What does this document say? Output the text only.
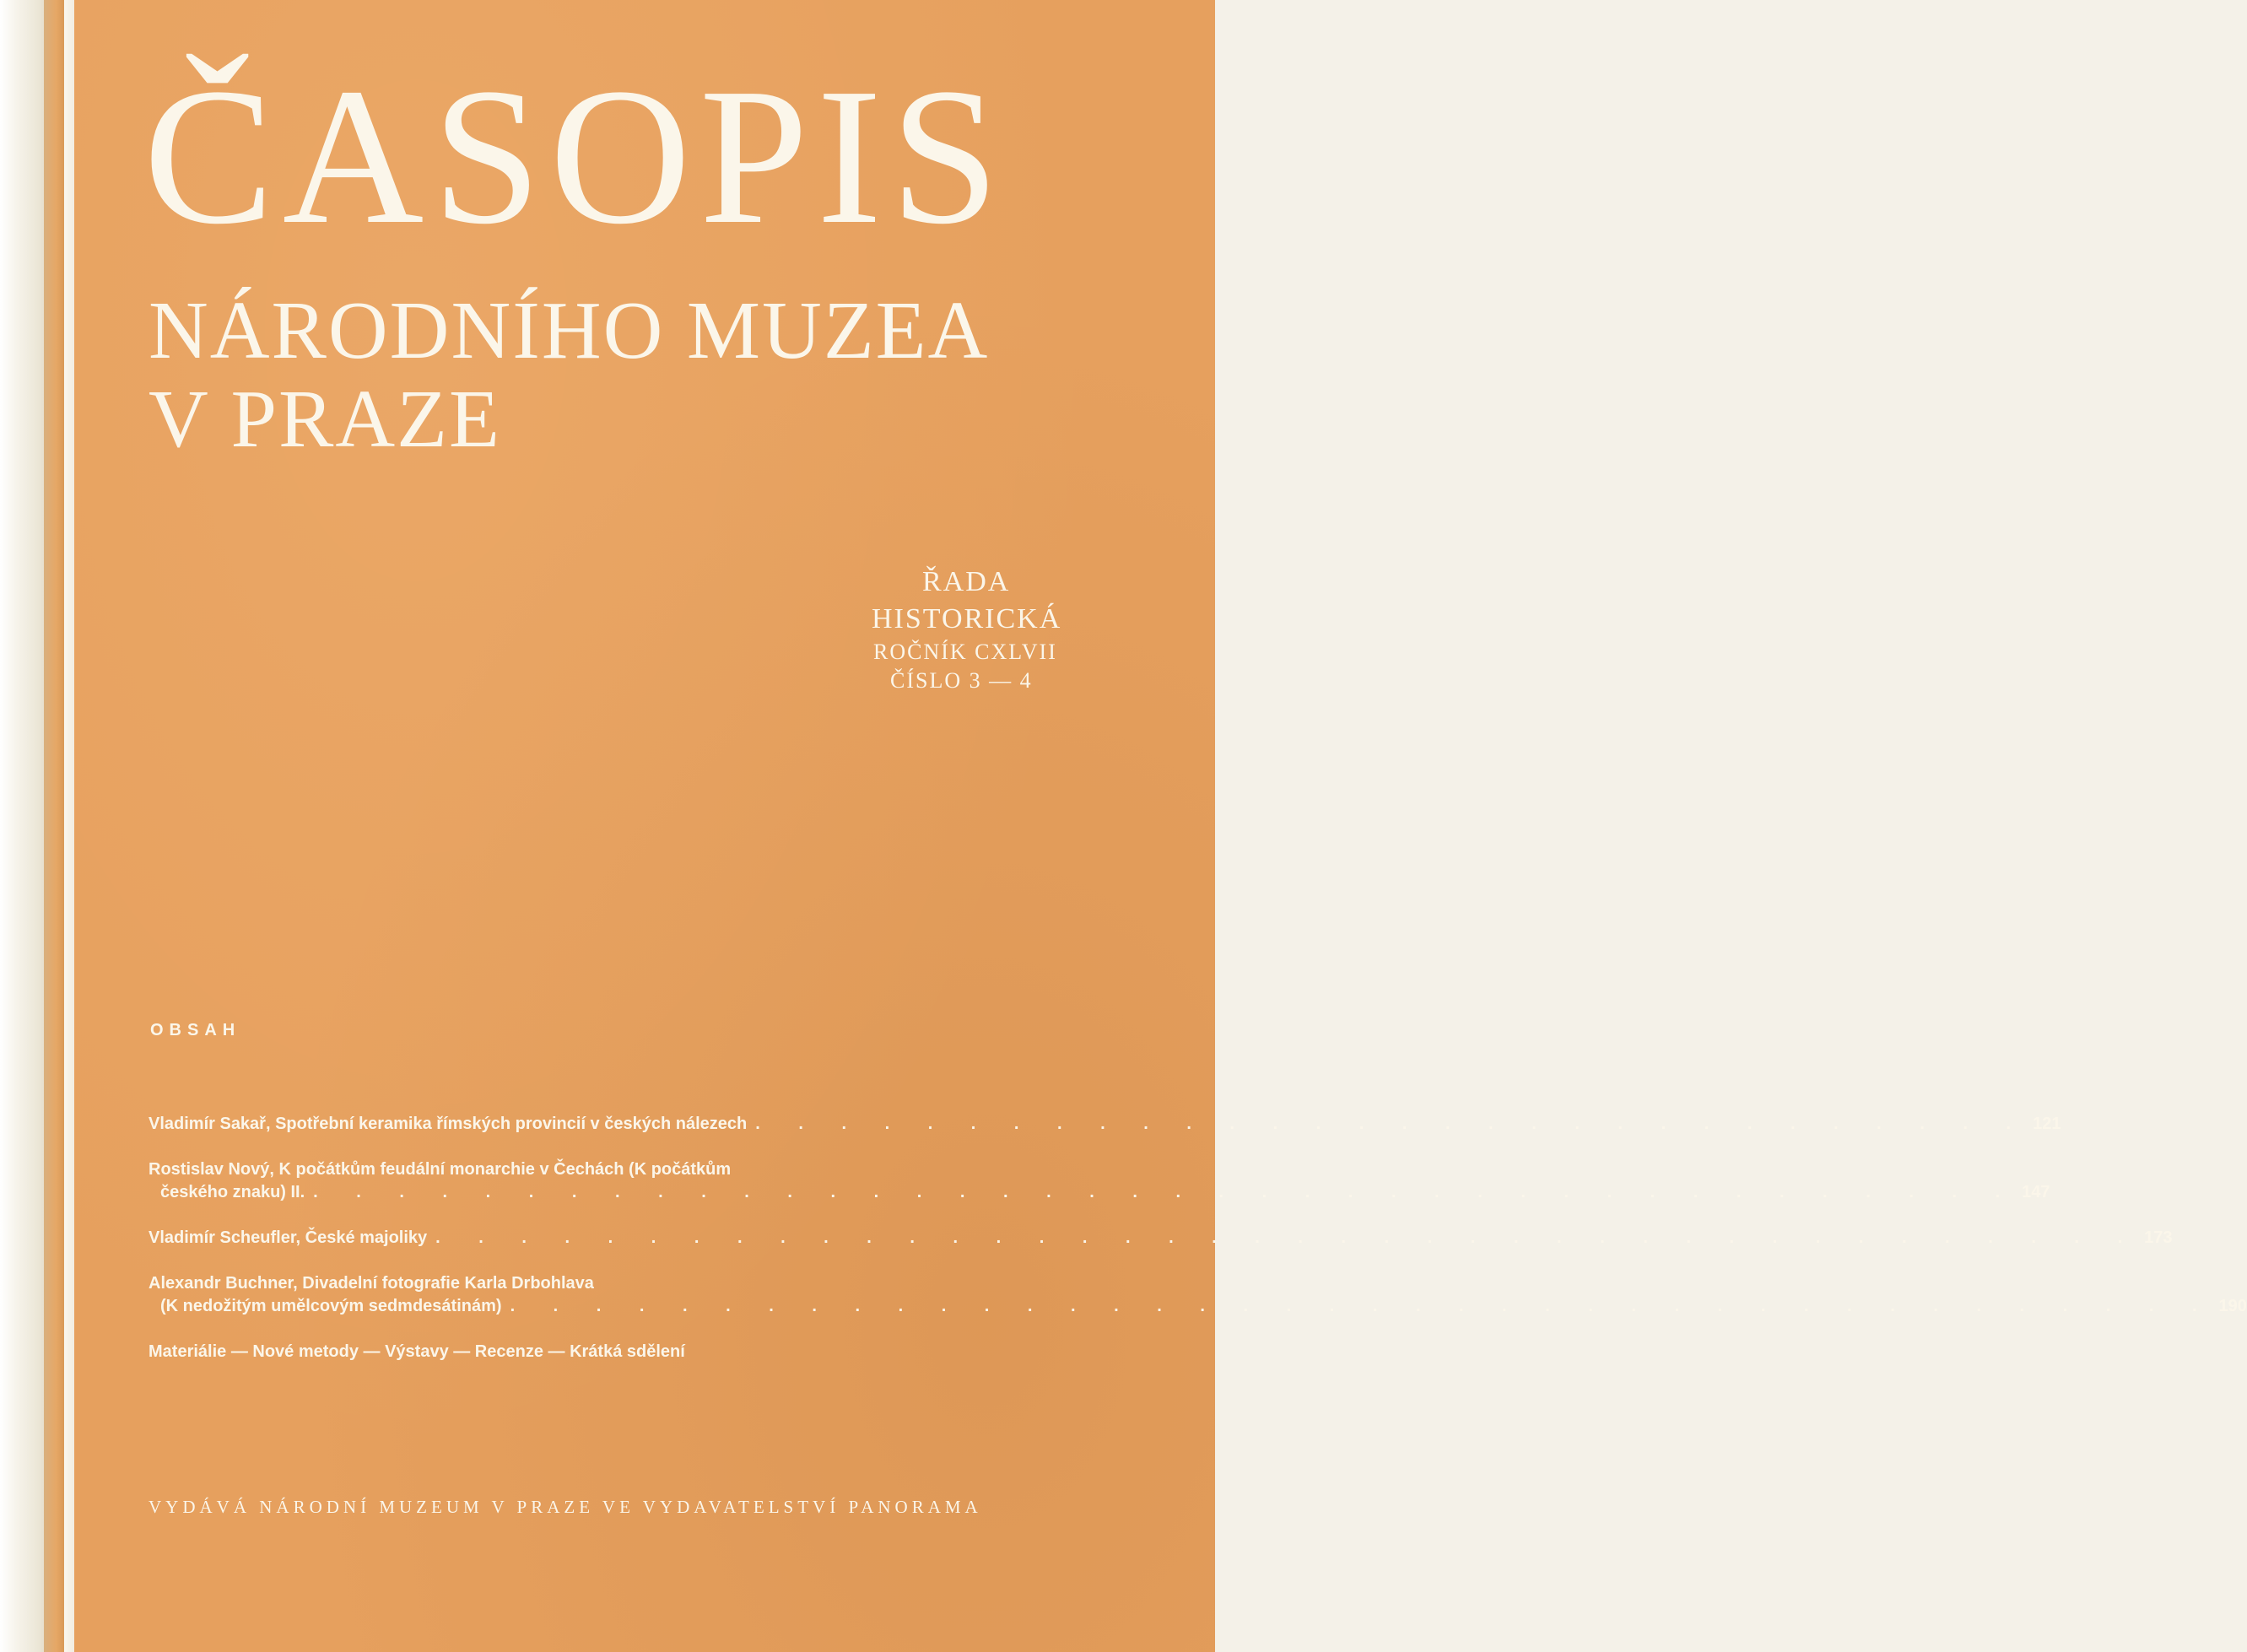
ČASOPIS
NÁRODNÍHO MUZEA
V PRAZE
ŘADA
HISTORICKÁ
ROČNÍK CXLVII
ČÍSLO 3 — 4
OBSAH
Vladimír Sakař, Spotřební keramika římských provincií v českých nálezech . . . . . . . . . . . . . . . . . . . . . . . . . . . . . . 121
Rostislav Nový, K počátkům feudální monarchie v Čechách (K počátkům
českého znaku) II. . . . . . . . . . . . . . . . . . . . . . . . . . . . . . . . . . . . . . . . . 147
Vladimír Scheufler, České majoliky . . . . . . . . . . . . . . . . . . . . . . . . . . . . . . . . . . . . . . . . 173
Alexandr Buchner, Divadelní fotografie Karla Drbohlava
(K nedožitým umělcovým sedmdesátinám) . . . . . . . . . . . . . . . . . . . . . . . . . . . . . . . . . . . . . . . . 190
Materiálie — Nové metody — Výstavy — Recenze — Krátká sdělení
VYDÁVÁ NÁRODNÍ MUZEUM V PRAZE VE VYDAVATELSTVÍ PANORAMA
